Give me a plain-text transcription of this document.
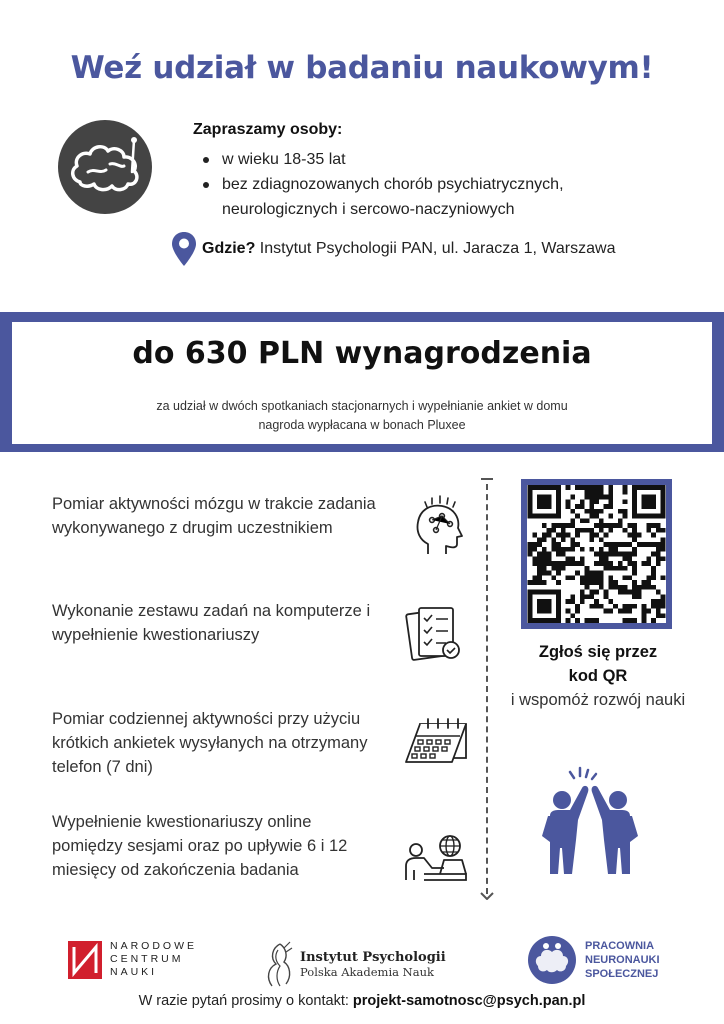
Weź udział w badaniu naukowym!
Zapraszamy osoby:
w wieku 18-35 lat
bez zdiagnozowanych chorób psychiatrycznych, neurologicznych i sercowo-naczyniowych
Gdzie? Instytut Psychologii PAN, ul. Jaracza 1, Warszawa
do 630 PLN wynagrodzenia
za udział w dwóch spotkaniach stacjonarnych i wypełnianie ankiet w domu
nagroda wypłacana w bonach Pluxee
Pomiar aktywności mózgu w trakcie zadania wykonywanego z drugim uczestnikiem
Wykonanie zestawu zadań na komputerze i wypełnienie kwestionariuszy
Pomiar codziennej aktywności przy użyciu krótkich ankietek wysyłanych na otrzymany telefon (7 dni)
Wypełnienie kwestionariuszy online pomiędzy sesjami oraz po upływie 6 i 12 miesięcy od zakończenia badania
Zgłoś się przez
kod QR
i wspomóż rozwój nauki
NARODOWE
CENTRUM
NAUKI
Instytut Psychologii
Polska Akademia Nauk
PRACOWNIA
NEURONAUKI
SPOŁECZNEJ
W razie pytań prosimy o kontakt: projekt-samotnosc@psych.pan.pl
